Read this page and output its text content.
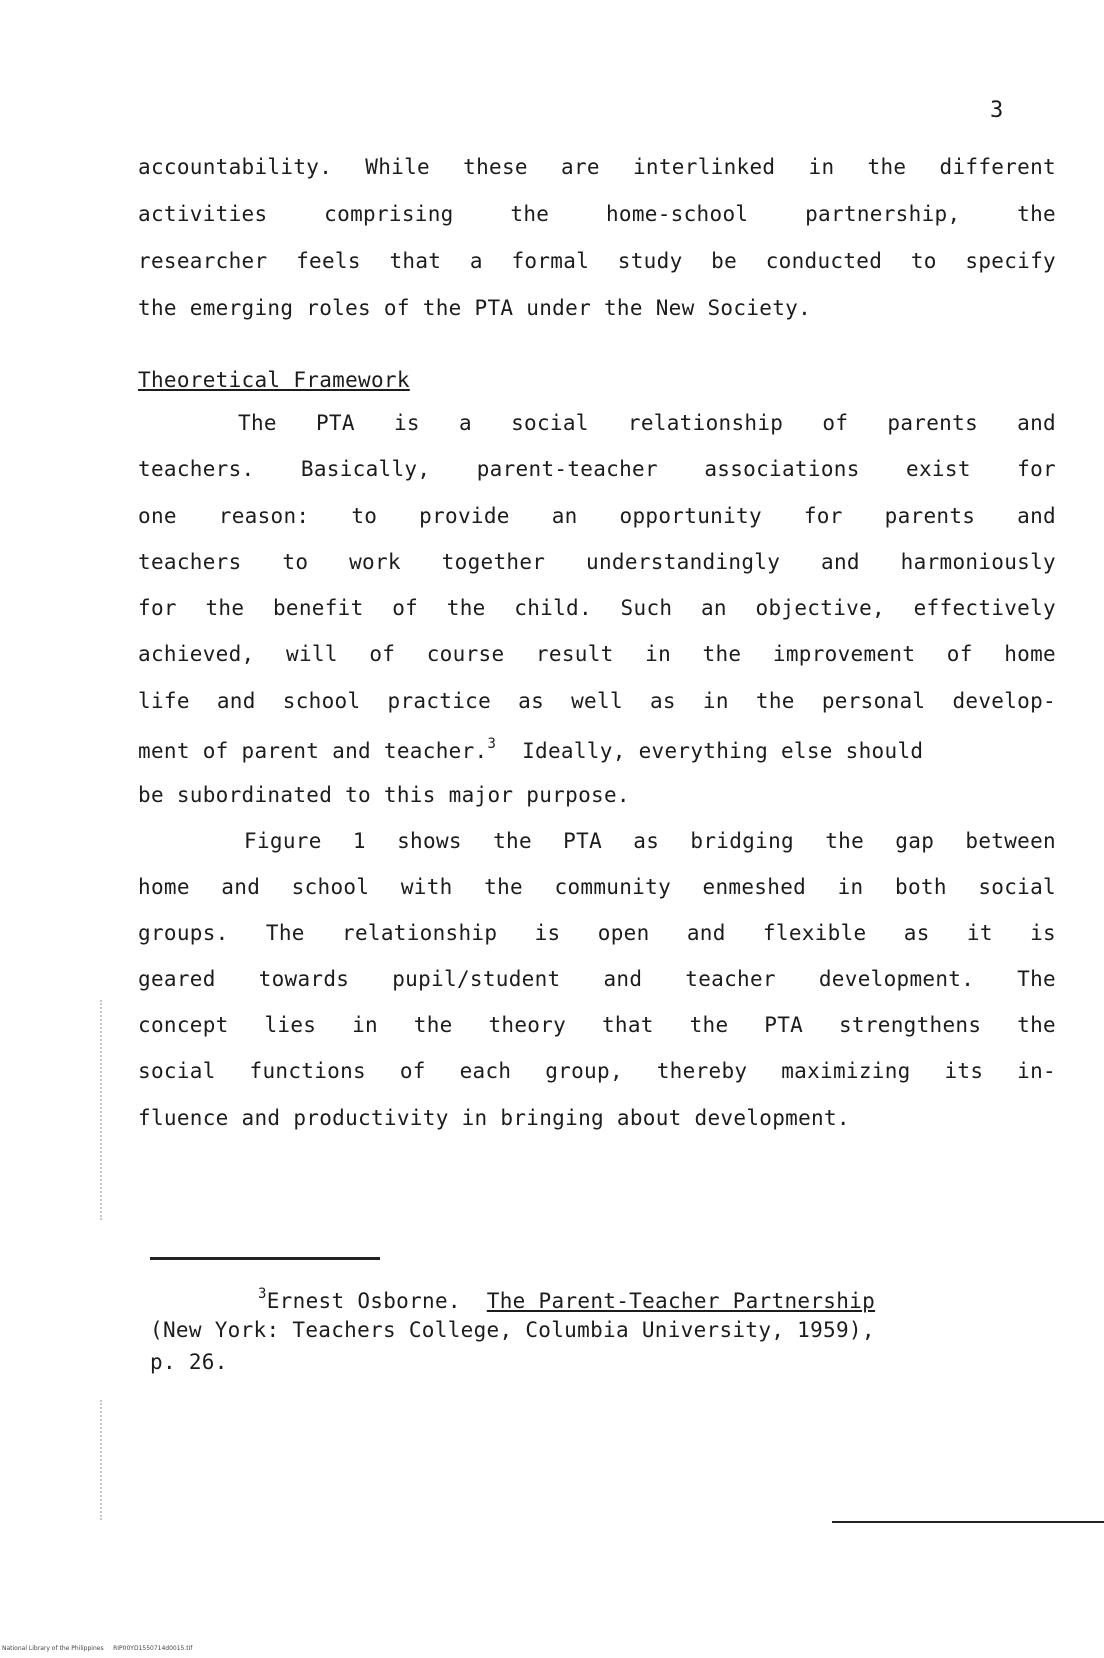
3
accountability. While these are interlinked in the different
activities comprising the home-school partnership, the
researcher feels that a formal study be conducted to specify
the emerging roles of the PTA under the New Society.
Theoretical Framework
The PTA is a social relationship of parents and
teachers. Basically, parent-teacher associations exist for
one reason: to provide an opportunity for parents and
teachers to work together understandingly and harmoniously
for the benefit of the child. Such an objective, effectively
achieved, will of course result in the improvement of home
life and school practice as well as in the personal develop-
ment of parent and teacher.$^3$  Ideally, everything else should
be subordinated to this major purpose.
Figure 1 shows the PTA as bridging the gap between
home and school with the community enmeshed in both social
groups. The relationship is open and flexible as it is
geared towards pupil/student and teacher development. The
concept lies in the theory that the PTA strengthens the
social functions of each group, thereby maximizing its in-
fluence and productivity in bringing about development.
$^3$Ernest Osborne. The Parent-Teacher Partnership
(New York: Teachers College, Columbia University, 1959),
p. 26.
National Library of the Philippines     RIP00YD1550714d0015.tif
